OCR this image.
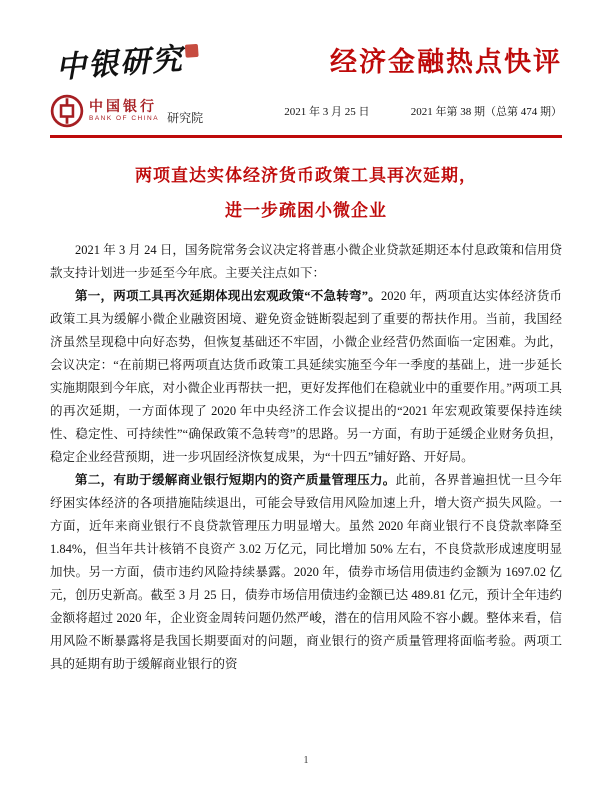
中银研究	经济金融热点快评
中国银行
BANK OF CHINA 研究院	2021 年 3 月 25 日	2021 年第 38 期（总第 474 期）
两项直达实体经济货币政策工具再次延期，
进一步疏困小微企业

2021 年 3 月 24 日，国务院常务会议决定将普惠小微企业贷款延期还本付息政策和信用贷款支持计划进一步延至今年底。主要关注点如下：

第一，两项工具再次延期体现出宏观政策“不急转弯”。2020 年，两项直达实体经济货币政策工具为缓解小微企业融资困境、避免资金链断裂起到了重要的帮扶作用。当前，我国经济虽然呈现稳中向好态势，但恢复基础还不牢固，小微企业经营仍然面临一定困难。为此，会议决定：“在前期已将两项直达货币政策工具延续实施至今年一季度的基础上，进一步延长实施期限到今年底，对小微企业再帮扶一把，更好发挥他们在稳就业中的重要作用。”两项工具的再次延期，一方面体现了 2020 年中央经济工作会议提出的“2021 年宏观政策要保持连续性、稳定性、可持续性”“确保政策不急转弯”的思路。另一方面，有助于延缓企业财务负担，稳定企业经营预期，进一步巩固经济恢复成果，为“十四五”铺好路、开好局。

第二，有助于缓解商业银行短期内的资产质量管理压力。此前，各界普遍担忧一旦今年纾困实体经济的各项措施陆续退出，可能会导致信用风险加速上升，增大资产损失风险。一方面，近年来商业银行不良贷款管理压力明显增大。虽然 2020 年商业银行不良贷款率降至 1.84%，但当年共计核销不良资产 3.02 万亿元，同比增加 50% 左右，不良贷款形成速度明显加快。另一方面，债市违约风险持续暴露。2020 年，债券市场信用债违约金额为 1697.02 亿元，创历史新高。截至 3 月 25 日，债券市场信用债违约金额已达 489.81 亿元，预计全年违约金额将超过 2020 年，企业资金周转问题仍然严峻，潜在的信用风险不容小觑。整体来看，信用风险不断暴露将是我国长期要面对的问题，商业银行的资产质量管理将面临考验。两项工具的延期有助于缓解商业银行的资

1
